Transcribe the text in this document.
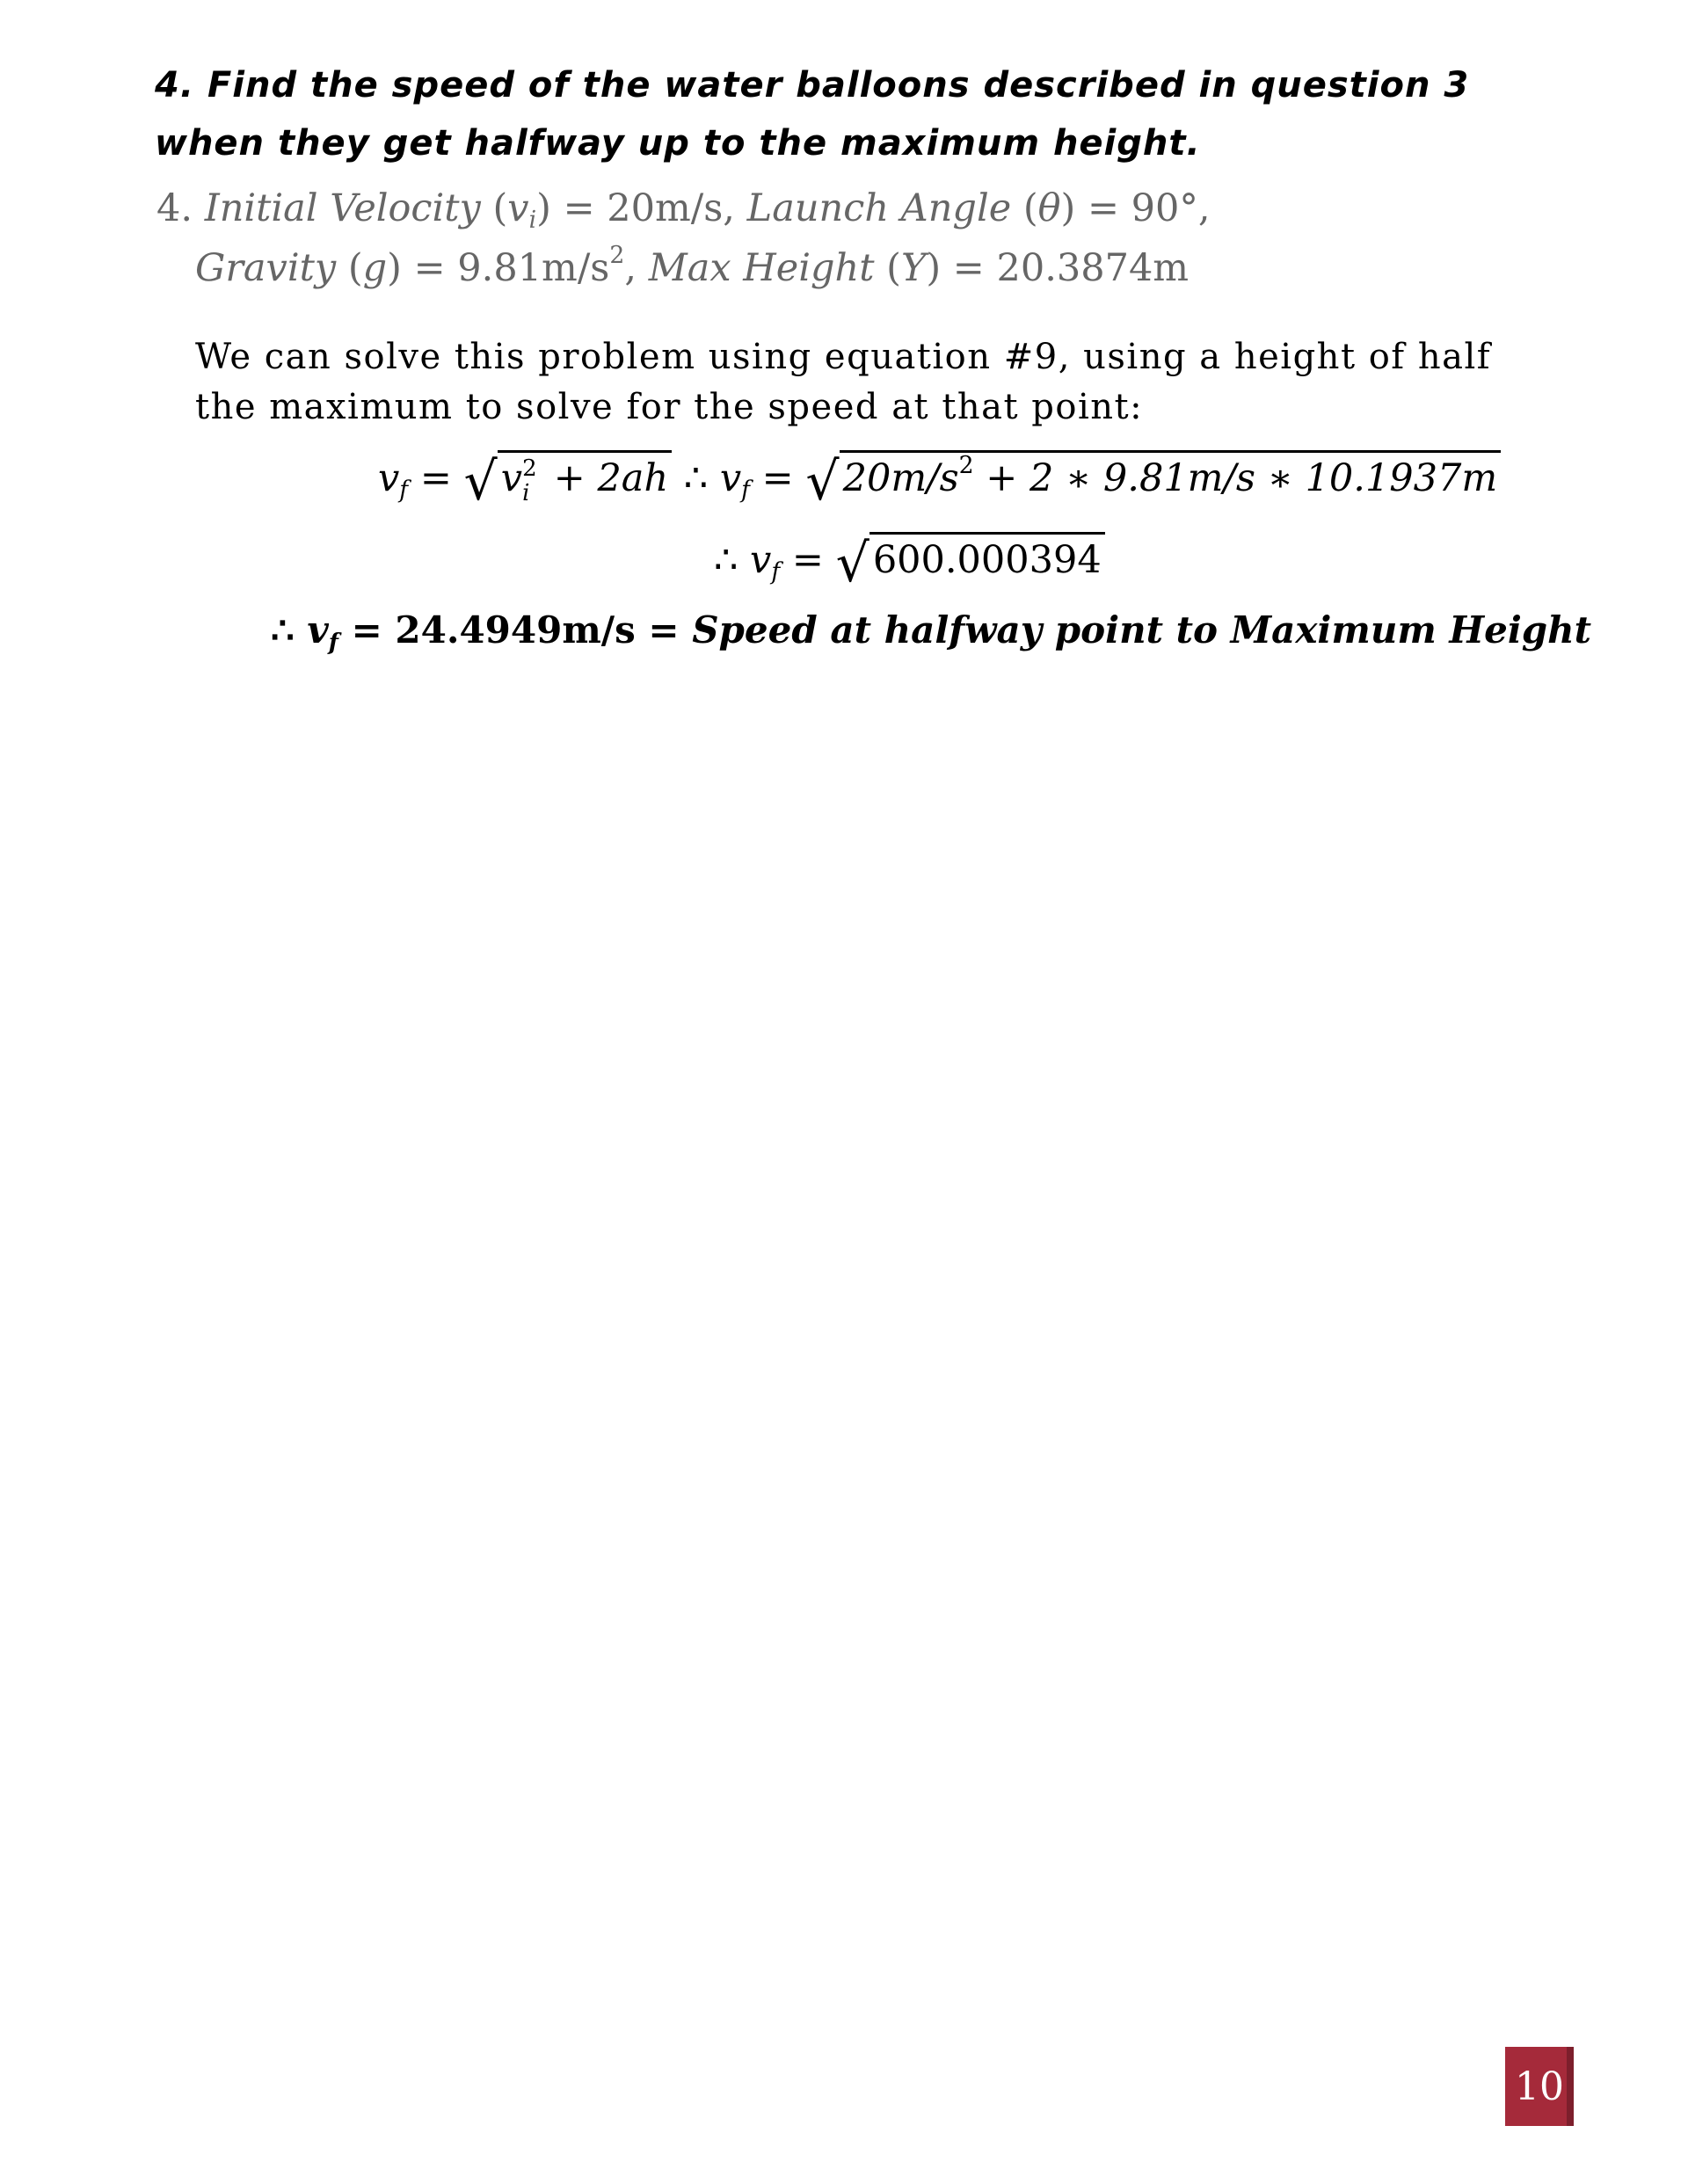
4. Find the speed of the water balloons described in question 3 when they get halfway up to the maximum height.

4. Initial Velocity $(v_i) = 20m/s$, Launch Angle (θ) = 90°,
Gravity $(g) = 9.81m/s^2$, Max Height (Y) = 20.3874m

We can solve this problem using equation #9, using a height of half the maximum to solve for the speed at that point:

$v_f = √v$ 2
i + 2ah ∴ $v_f = √20m/s^2 + 2$ ∗ 9.81m/s ∗ 10.1937m
∴ $v_f = √600.000394$
∴ $v_f = 24.4949m/s$ = Speed at halfway point to Maximum Height
10
